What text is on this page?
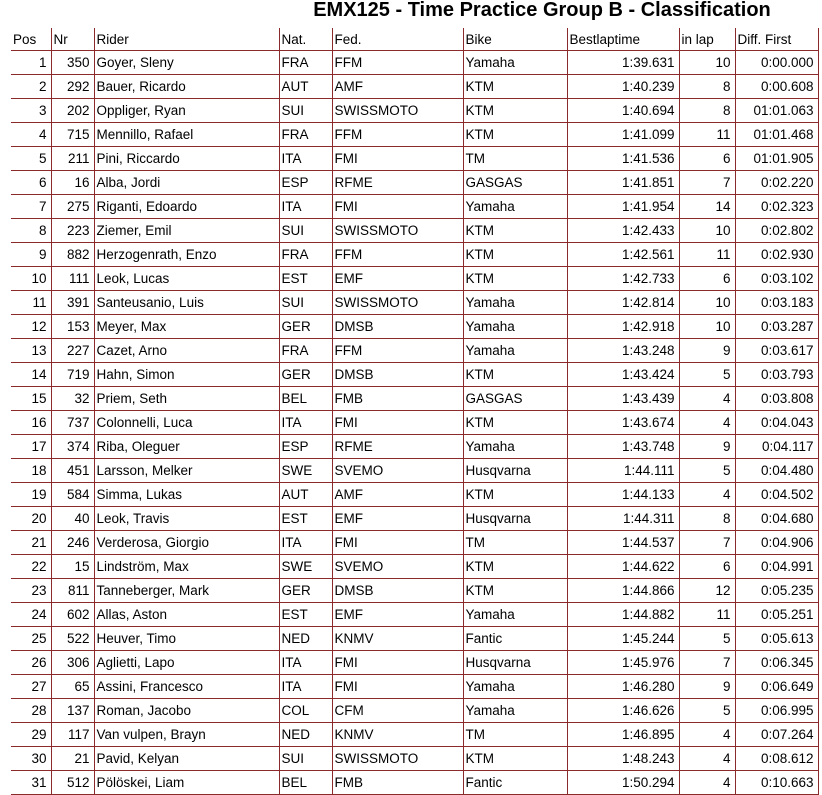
EMX125 - Time Practice Group B - Classification
Pos	Nr	Rider	Nat.	Fed.	Bike	Bestlaptime	in lap	Diff. First
1	350	Goyer, Sleny	FRA	FFM	Yamaha	1:39.631	10	0:00.000
2	292	Bauer, Ricardo	AUT	AMF	KTM	1:40.239	8	0:00.608
3	202	Oppliger, Ryan	SUI	SWISSMOTO	KTM	1:40.694	8	01:01.063
4	715	Mennillo, Rafael	FRA	FFM	KTM	1:41.099	11	01:01.468
5	211	Pini, Riccardo	ITA	FMI	TM	1:41.536	6	01:01.905
6	16	Alba, Jordi	ESP	RFME	GASGAS	1:41.851	7	0:02.220
7	275	Riganti, Edoardo	ITA	FMI	Yamaha	1:41.954	14	0:02.323
8	223	Ziemer, Emil	SUI	SWISSMOTO	KTM	1:42.433	10	0:02.802
9	882	Herzogenrath, Enzo	FRA	FFM	KTM	1:42.561	11	0:02.930
10	111	Leok, Lucas	EST	EMF	KTM	1:42.733	6	0:03.102
11	391	Santeusanio, Luis	SUI	SWISSMOTO	Yamaha	1:42.814	10	0:03.183
12	153	Meyer, Max	GER	DMSB	Yamaha	1:42.918	10	0:03.287
13	227	Cazet, Arno	FRA	FFM	Yamaha	1:43.248	9	0:03.617
14	719	Hahn, Simon	GER	DMSB	KTM	1:43.424	5	0:03.793
15	32	Priem, Seth	BEL	FMB	GASGAS	1:43.439	4	0:03.808
16	737	Colonnelli, Luca	ITA	FMI	KTM	1:43.674	4	0:04.043
17	374	Riba, Oleguer	ESP	RFME	Yamaha	1:43.748	9	0:04.117
18	451	Larsson, Melker	SWE	SVEMO	Husqvarna	1:44.111	5	0:04.480
19	584	Simma, Lukas	AUT	AMF	KTM	1:44.133	4	0:04.502
20	40	Leok, Travis	EST	EMF	Husqvarna	1:44.311	8	0:04.680
21	246	Verderosa, Giorgio	ITA	FMI	TM	1:44.537	7	0:04.906
22	15	Lindström, Max	SWE	SVEMO	KTM	1:44.622	6	0:04.991
23	811	Tanneberger, Mark	GER	DMSB	KTM	1:44.866	12	0:05.235
24	602	Allas, Aston	EST	EMF	Yamaha	1:44.882	11	0:05.251
25	522	Heuver, Timo	NED	KNMV	Fantic	1:45.244	5	0:05.613
26	306	Aglietti, Lapo	ITA	FMI	Husqvarna	1:45.976	7	0:06.345
27	65	Assini, Francesco	ITA	FMI	Yamaha	1:46.280	9	0:06.649
28	137	Roman, Jacobo	COL	CFM	Yamaha	1:46.626	5	0:06.995
29	117	Van vulpen, Brayn	NED	KNMV	TM	1:46.895	4	0:07.264
30	21	Pavid, Kelyan	SUI	SWISSMOTO	KTM	1:48.243	4	0:08.612
31	512	Pölöskei, Liam	BEL	FMB	Fantic	1:50.294	4	0:10.663
